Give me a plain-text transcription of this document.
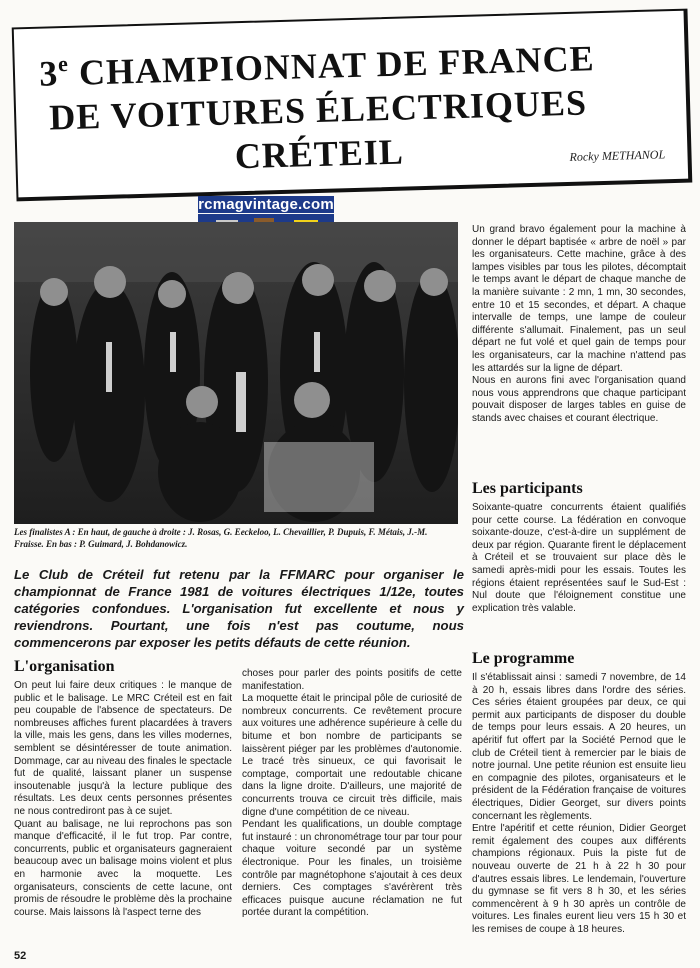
3e CHAMPIONNAT DE FRANCE
DE VOITURES ÉLECTRIQUES
CRÉTEIL	Rocky METHANOL
rcmagvintage.com
Les finalistes A : En haut, de gauche à droite : J. Rosas, G. Eeckeloo, L. Chevaillier, P. Dupuis, F. Métais, J.-M. Fraisse. En bas : P. Guimard, J. Bohdanowicz.
Le Club de Créteil fut retenu par la FFMARC pour organiser le championnat de France 1981 de voitures électriques 1/12e, toutes catégories confondues. L'organisation fut excellente et nous y reviendrons. Pourtant, une fois n'est pas coutume, nous commencerons par exposer les petits défauts de cette réunion.
L'organisation

On peut lui faire deux critiques : le manque de public et le balisage. Le MRC Créteil est en fait peu coupable de l'absence de spectateurs. De nombreuses affiches furent placardées à travers la ville, mais les gens, dans les villes modernes, semblent se désintéresser de toute animation. Dommage, car au niveau des finales le spectacle fut de qualité, laissant planer un suspense insoutenable jusqu'à la lecture publique des résultats. Les deux cents personnes présentes ne nous contrediront pas à ce sujet.

Quant au balisage, ne lui reprochons pas son manque d'efficacité, il le fut trop. Par contre, concurrents, public et organisateurs gagneraient beaucoup avec un balisage moins violent et plus en harmonie avec la moquette. Les organisateurs, conscients de cette lacune, ont promis de résoudre le problème dès la prochaine course. Mais laissons là l'aspect terne des

choses pour parler des points positifs de cette manifestation.

La moquette était le principal pôle de curiosité de nombreux concurrents. Ce revêtement procure aux voitures une adhérence supérieure à celle du bitume et bon nombre de participants se laissèrent piéger par les problèmes d'autonomie. Le tracé très sinueux, ce qui favorisait le comptage, comportait une redoutable chicane dans la ligne droite. D'ailleurs, une majorité de concurrents trouva ce circuit très difficile, mais digne d'une compétition de ce niveau.

Pendant les qualifications, un double comptage fut instauré : un chronométrage tour par tour pour chaque voiture secondé par un système électronique. Pour les finales, un troisième contrôle par magnétophone s'ajoutait à ces deux derniers. Ces comptages s'avérèrent très efficaces puisque aucune réclamation ne fut portée durant la compétition.

Un grand bravo également pour la machine à donner le départ baptisée « arbre de noël » par les organisateurs. Cette machine, grâce à des lampes visibles par tous les pilotes, décomptait le temps avant le départ de chaque manche de la manière suivante : 2 mn, 1 mn, 30 secondes, entre 10 et 15 secondes, et départ. A chaque intervalle de temps, une lampe de couleur différente s'allumait. Finalement, pas un seul départ ne fut volé et quel gain de temps pour les organisateurs, car la machine n'attend pas les attardés sur la ligne de départ.

Nous en aurons fini avec l'organisation quand nous vous apprendrons que chaque participant pouvait disposer de larges tables en guise de stands avec chaises et courant électrique.

Les participants

Soixante-quatre concurrents étaient qualifiés pour cette course. La fédération en convoque soixante-douze, c'est-à-dire un supplément de deux par région. Quarante firent le déplacement à Créteil et se trouvaient sur place dès le samedi après-midi pour les essais. Toutes les régions étaient représentées sauf le Sud-Est : Nul doute que l'éloignement constitue une explication très valable.

Le programme

Il s'établissait ainsi : samedi 7 novembre, de 14 à 20 h, essais libres dans l'ordre des séries. Ces séries étaient groupées par deux, ce qui permit aux participants de disposer du double de temps pour leurs essais. A 20 heures, un apéritif fut offert par la Société Pernod que le club de Créteil tient à remercier par le biais de notre journal. Une petite réunion est ensuite lieu en compagnie des pilotes, organisateurs et le président de la Fédération française de voitures électriques, Didier Georget, sur divers points concernant les règlements.

Entre l'apéritif et cette réunion, Didier Georget remit également des coupes aux différents champions régionaux. Puis la piste fut de nouveau ouverte de 21 h à 22 h 30 pour d'autres essais libres. Le lendemain, l'ouverture du gymnase se fit vers 8 h 30, et les séries commencèrent à 9 h 30 après un contrôle de voitures. Les finales eurent lieu vers 15 h 30 et les remises de coupe à 18 heures.

52
